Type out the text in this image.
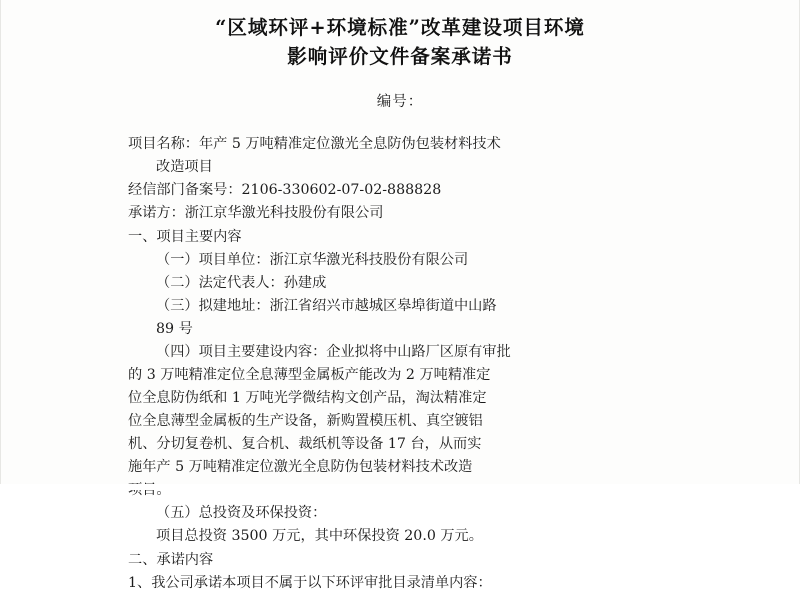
“区域环评+环境标准”改革建设项目环境
影响评价文件备案承诺书
编号：

项目名称：年产 5 万吨精准定位激光全息防伪包装材料技术

改造项目

经信部门备案号：2106-330602-07-02-888828

承诺方：浙江京华激光科技股份有限公司

一、项目主要内容

（一）项目单位：浙江京华激光科技股份有限公司

（二）法定代表人：孙建成

（三）拟建地址：浙江省绍兴市越城区皋埠街道中山路

89 号

（四）项目主要建设内容：企业拟将中山路厂区原有审批

的 3 万吨精准定位全息薄型金属板产能改为 2 万吨精准定

位全息防伪纸和 1 万吨光学微结构文创产品，淘汰精准定

位全息薄型金属板的生产设备，新购置模压机、真空镀铝

机、分切复卷机、复合机、裁纸机等设备 17 台，从而实

施年产 5 万吨精准定位激光全息防伪包装材料技术改造

（五）总投资及环保投资：

项目总投资 3500 万元，其中环保投资 20.0 万元。

二、承诺内容

1、我公司承诺本项目不属于以下环评审批目录清单内容：
